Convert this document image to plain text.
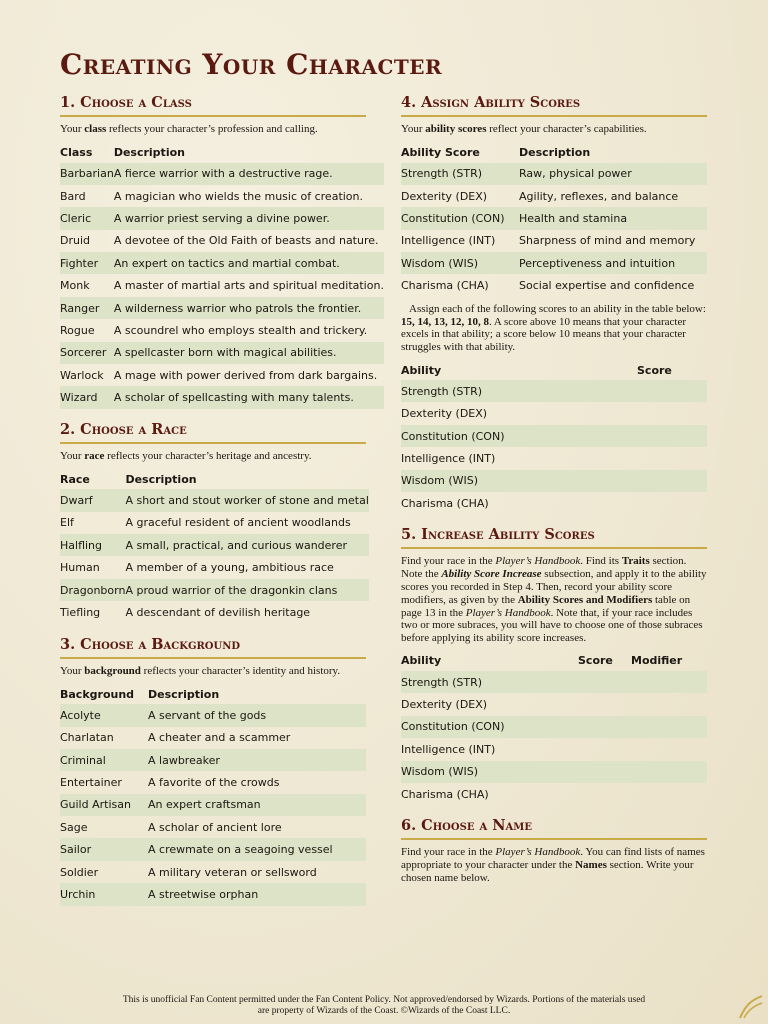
Creating Your Character
1. Choose a Class

Your class reflects your character’s profession and calling.

Class	Description
Barbarian	A fierce warrior with a destructive rage.
Bard	A magician who wields the music of creation.
Cleric	A warrior priest serving a divine power.
Druid	A devotee of the Old Faith of beasts and nature.
Fighter	An expert on tactics and martial combat.
Monk	A master of martial arts and spiritual meditation.
Ranger	A wilderness warrior who patrols the frontier.
Rogue	A scoundrel who employs stealth and trickery.
Sorcerer	A spellcaster born with magical abilities.
Warlock	A mage with power derived from dark bargains.
Wizard	A scholar of spellcasting with many talents.
2. Choose a Race

Your race reflects your character’s heritage and ancestry.

Race	Description
Dwarf	A short and stout worker of stone and metal
Elf	A graceful resident of ancient woodlands
Halfling	A small, practical, and curious wanderer
Human	A member of a young, ambitious race
Dragonborn	A proud warrior of the dragonkin clans
Tiefling	A descendant of devilish heritage
3. Choose a Background

Your background reflects your character’s identity and history.

Background	Description
Acolyte	A servant of the gods
Charlatan	A cheater and a scammer
Criminal	A lawbreaker
Entertainer	A favorite of the crowds
Guild Artisan	An expert craftsman
Sage	A scholar of ancient lore
Sailor	A crewmate on a seagoing vessel
Soldier	A military veteran or sellsword
Urchin	A streetwise orphan
4. Assign Ability Scores

Your ability scores reflect your character’s capabilities.

Ability Score	Description
Strength (STR)	Raw, physical power
Dexterity (DEX)	Agility, reflexes, and balance
Constitution (CON)	Health and stamina
Intelligence (INT)	Sharpness of mind and memory
Wisdom (WIS)	Perceptiveness and intuition
Charisma (CHA)	Social expertise and confidence

Assign each of the following scores to an ability in the table below: 15, 14, 13, 12, 10, 8. A score above 10 means that your character excels in that ability; a score below 10 means that your character struggles with that ability.

Ability	Score
Strength (STR)	
Dexterity (DEX)	
Constitution (CON)	
Intelligence (INT)	
Wisdom (WIS)	
Charisma (CHA)	
5. Increase Ability Scores

Find your race in the Player’s Handbook. Find its Traits section. Note the Ability Score Increase subsection, and apply it to the ability scores you recorded in Step 4. Then, record your ability score modifiers, as given by the Ability Scores and Modifiers table on page 13 in the Player’s Handbook. Note that, if your race includes two or more subraces, you will have to choose one of those subraces before applying its ability score increases.

Ability	Score	Modifier
Strength (STR)		
Dexterity (DEX)		
Constitution (CON)		
Intelligence (INT)		
Wisdom (WIS)		
Charisma (CHA)		
6. Choose a Name

Find your race in the Player’s Handbook. You can find lists of names appropriate to your character under the Names section. Write your chosen name below.

This is unofficial Fan Content permitted under the Fan Content Policy. Not approved/endorsed by Wizards. Portions of the materials used
are property of Wizards of the Coast. ©Wizards of the Coast LLC.
